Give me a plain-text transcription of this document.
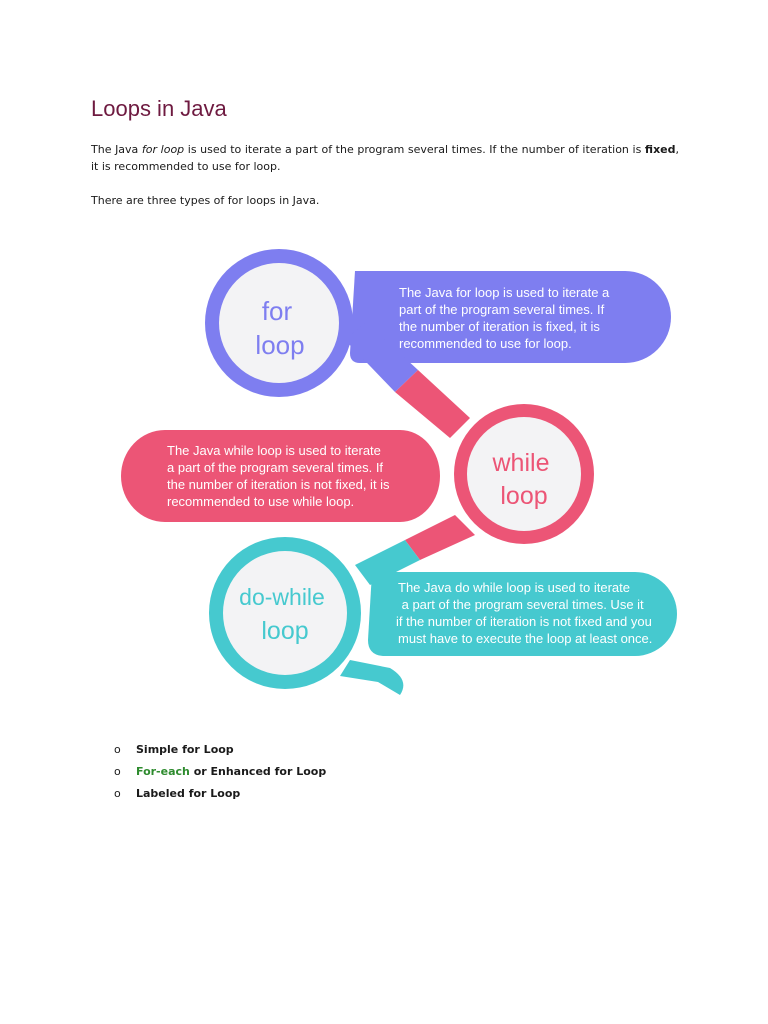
Loops in Java

The Java for loop is used to iterate a part of the program several times. If the number of iteration is fixed, it is recommended to use for loop.

There are three types of for loops in Java.

for
loop
The Java for loop is used to iterate a
part of the program several times. If
the number of iteration is fixed, it is
recommended to use for loop.
while
loop
The Java while loop is used to iterate
a part of the program several times. If
the number of iteration is not fixed, it is
recommended to use while loop.
do-while
loop
The Java do while loop is used to iterate
a part of the program several times. Use it
if the number of iteration is not fixed and you
must have to execute the loop at least once.
o Simple for Loop
o For-each or Enhanced for Loop
o Labeled for Loop
